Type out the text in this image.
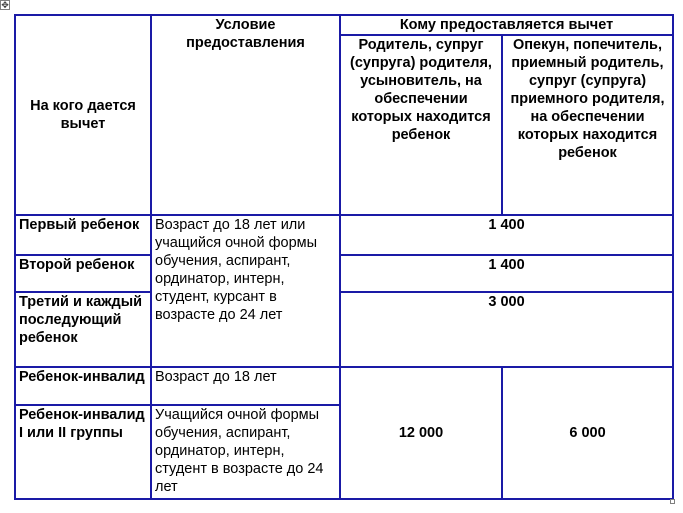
✥
На кого дается вычет	Условие предоставления	Кому предоставляется вычет	
		Родитель, супруг (супруга) родителя, усыновитель, на обеспечении которых находится ребенок	Опекун, попечитель, приемный родитель, супруг (супруга) приемного родителя, на обеспечении которых находится ребенок
Первый ребенок	Возраст до 18 лет или учащийся очной формы обучения, аспирант, ординатор, интерн, студент, курсант в возрасте до 24 лет	1 400	
Второй ребенок		1 400	
Третий и каждый последующий ребенок		3 000	
Ребенок-инвалид	Возраст до 18 лет	12 000	6 000
Ребенок-инвалид I или II группы	Учащийся очной формы обучения, аспирант, ординатор, интерн, студент в возрасте до 24 лет		
